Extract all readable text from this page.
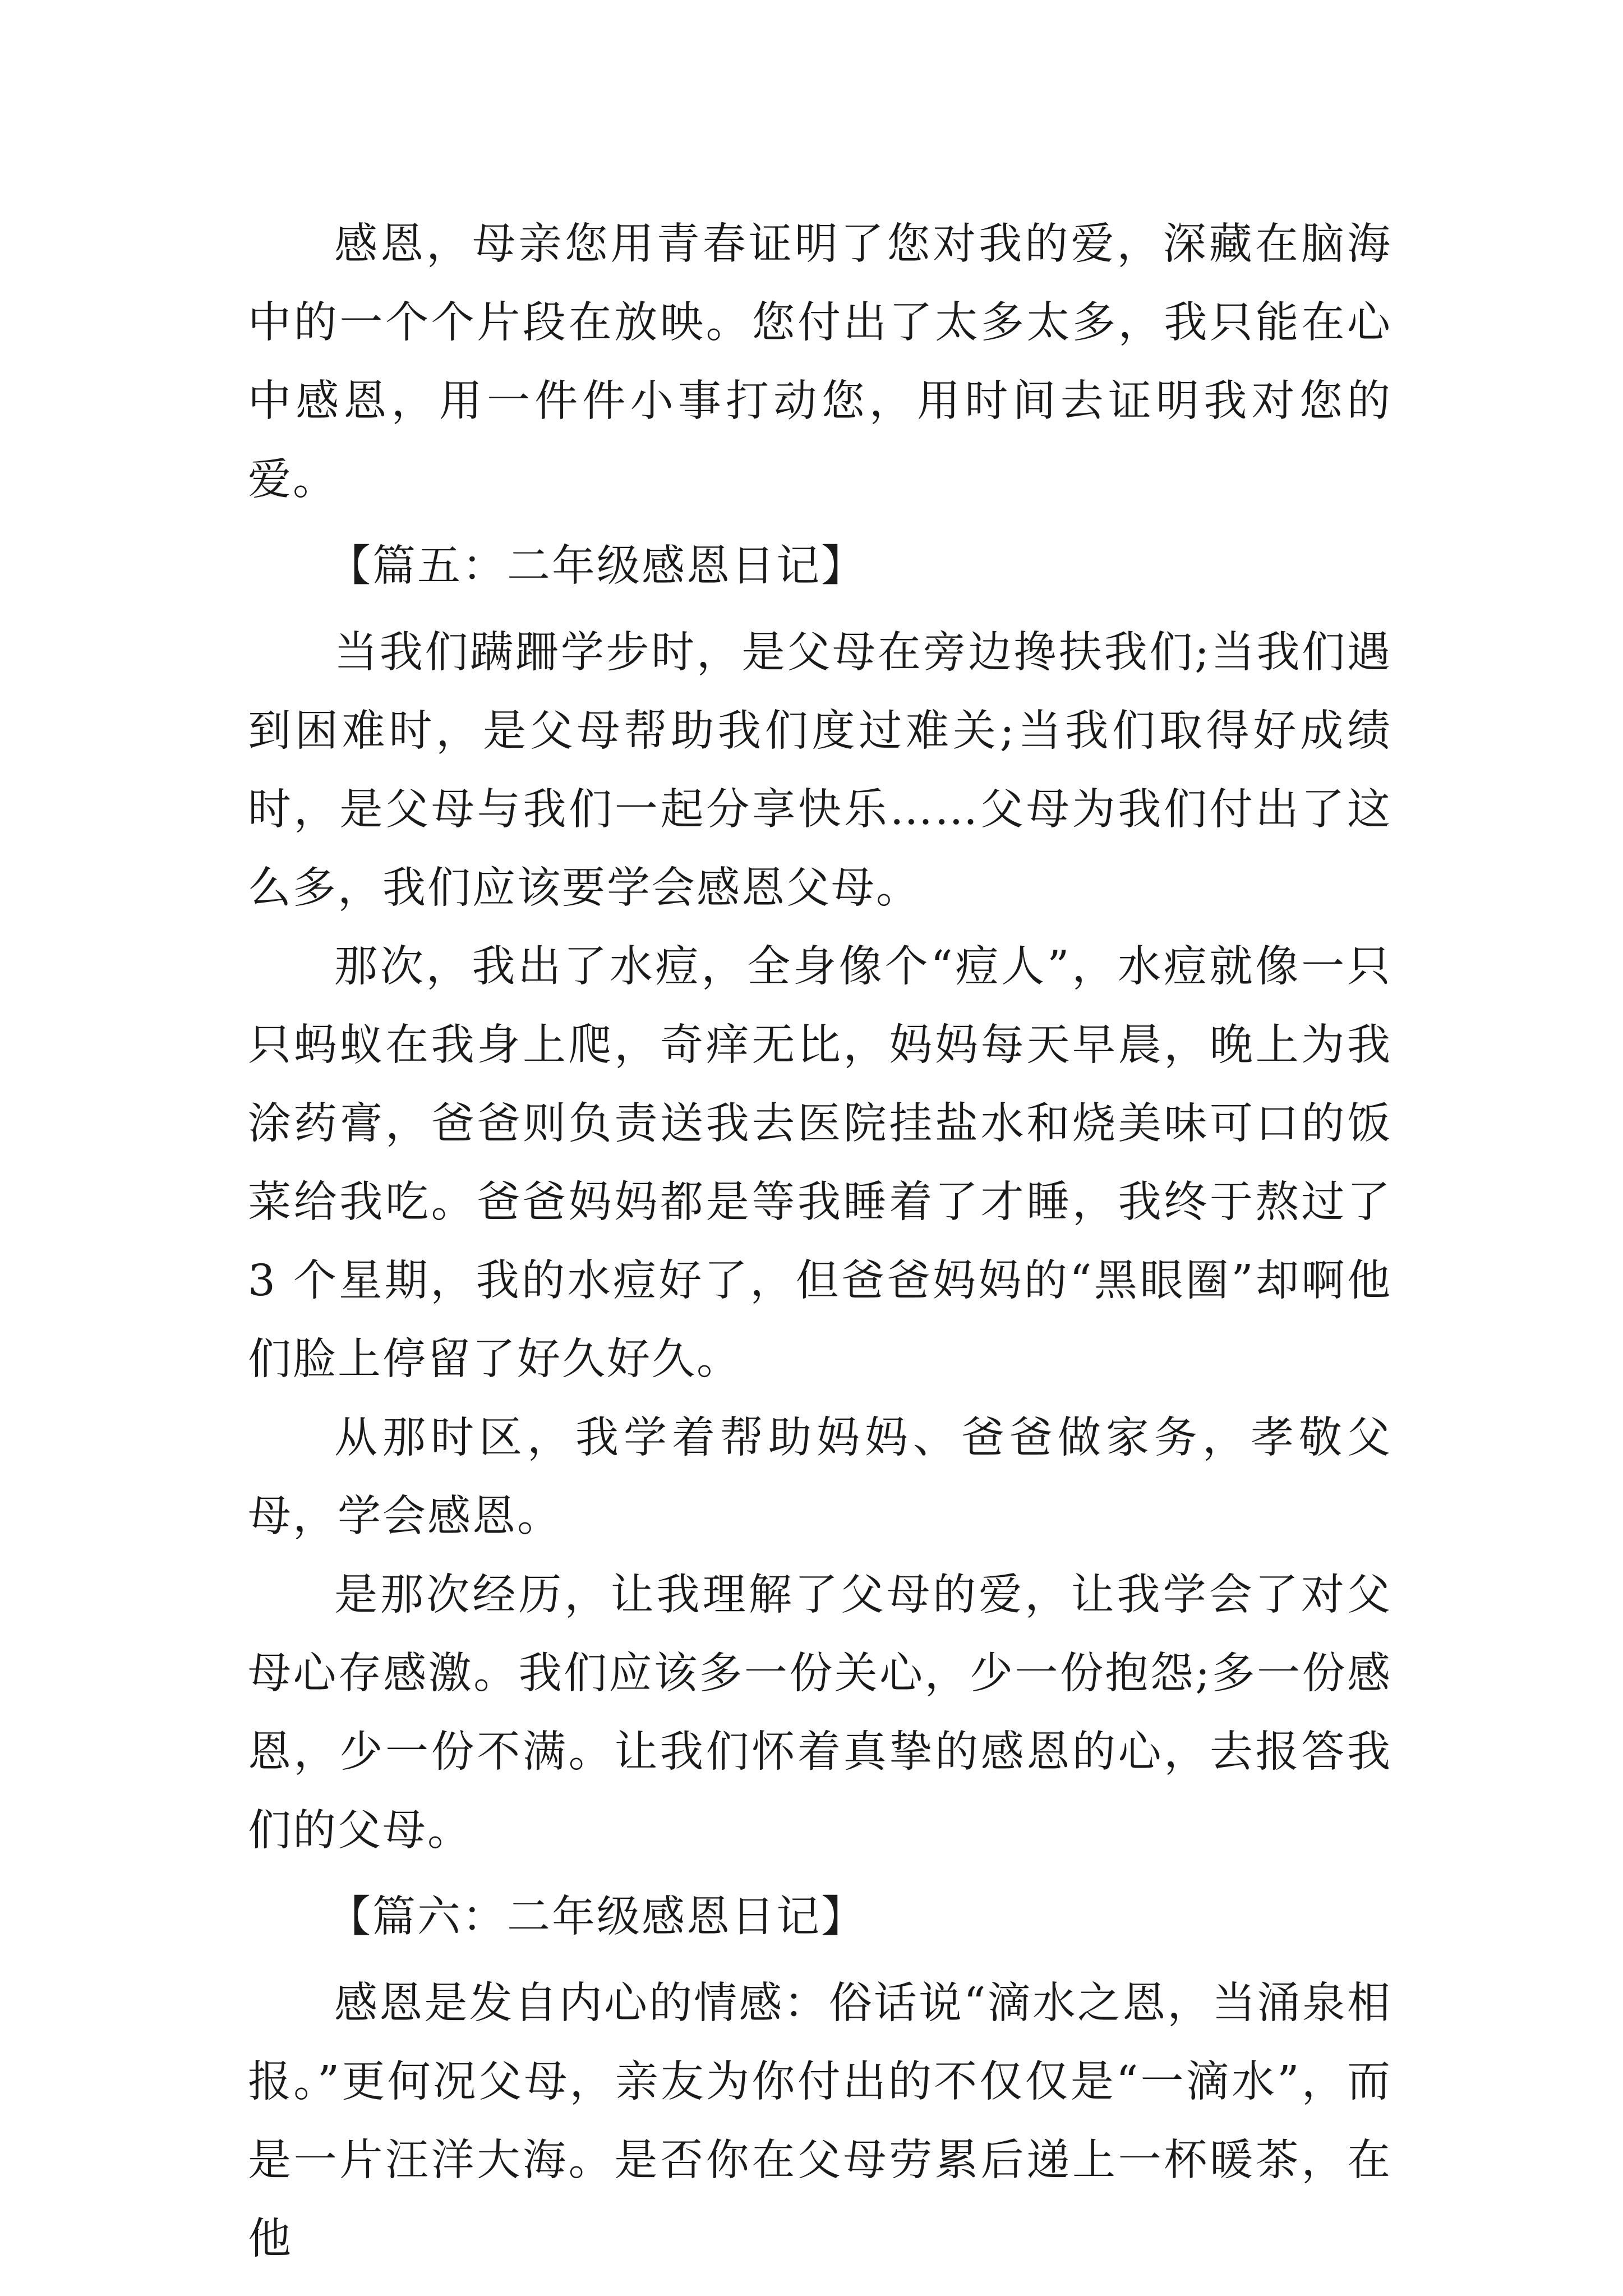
感恩，母亲您用青春证明了您对我的爱，深藏在脑海中的一个个片段在放映。您付出了太多太多，我只能在心中感恩，用一件件小事打动您，用时间去证明我对您的爱。

【篇五：二年级感恩日记】

当我们蹒跚学步时，是父母在旁边搀扶我们;当我们遇到困难时，是父母帮助我们度过难关;当我们取得好成绩时，是父母与我们一起分享快乐……父母为我们付出了这么多，我们应该要学会感恩父母。

那次，我出了水痘，全身像个“痘人”，水痘就像一只只蚂蚁在我身上爬，奇痒无比，妈妈每天早晨，晚上为我涂药膏，爸爸则负责送我去医院挂盐水和烧美味可口的饭菜给我吃。爸爸妈妈都是等我睡着了才睡，我终于熬过了 3 个星期，我的水痘好了，但爸爸妈妈的“黑眼圈”却啊他们脸上停留了好久好久。

从那时区，我学着帮助妈妈、爸爸做家务，孝敬父母，学会感恩。

是那次经历，让我理解了父母的爱，让我学会了对父母心存感激。我们应该多一份关心，少一份抱怨;多一份感恩，少一份不满。让我们怀着真挚的感恩的心，去报答我们的父母。

【篇六：二年级感恩日记】

感恩是发自内心的情感：俗话说“滴水之恩，当涌泉相报。”更何况父母，亲友为你付出的不仅仅是“一滴水”，而是一片汪洋大海。是否你在父母劳累后递上一杯暖茶，在他
